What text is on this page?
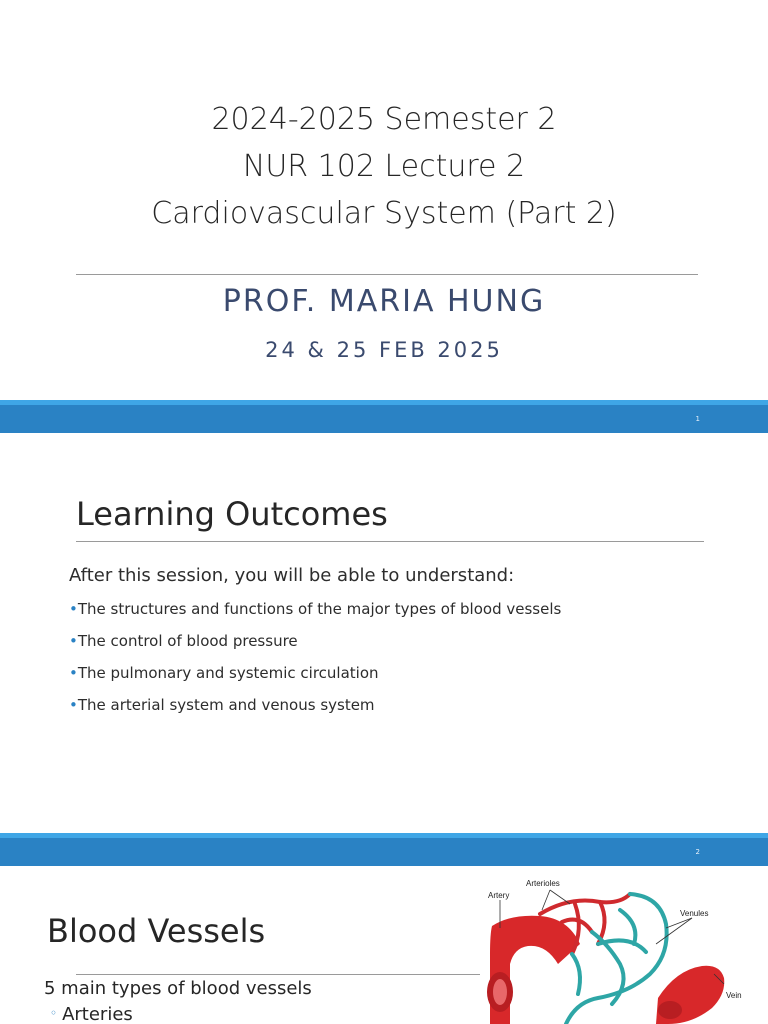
2024-2025 Semester 2
NUR 102 Lecture 2
Cardiovascular System (Part 2)
PROF. MARIA HUNG
24 & 25 FEB 2025
1
Learning Outcomes
After this session, you will be able to understand:
•The structures and functions of the major types of blood vessels
•The control of blood pressure
•The pulmonary and systemic circulation
•The arterial system and venous system
2
Blood Vessels
5 main types of blood vessels
◦ Arteries
Artery
Arterioles
Venules
Vein
